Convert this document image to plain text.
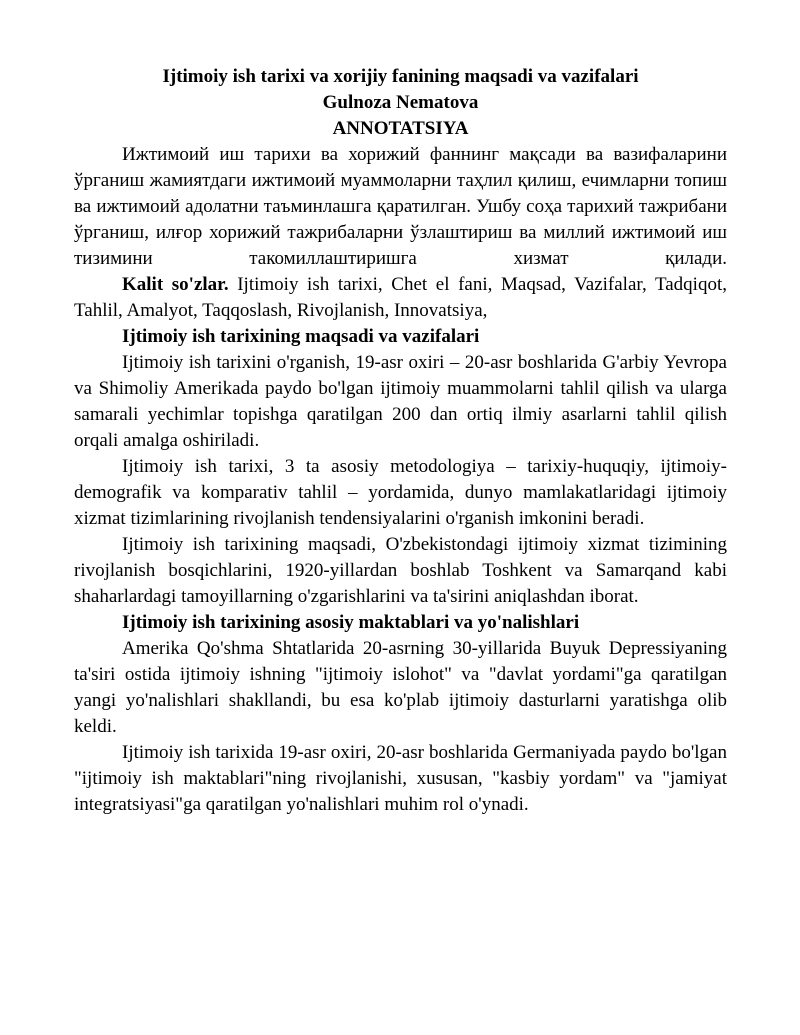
Ijtimoiy ish tarixi va xorijiy fanining maqsadi va vazifalari

Gulnoza Nematova

ANNOTATSIYA

Ижтимоий иш тарихи ва хорижий фаннинг мақсади ва вазифаларини ўрганиш жамиятдаги ижтимоий муаммоларни таҳлил қилиш, ечимларни топиш ва ижтимоий адолатни таъминлашга қаратилган. Ушбу соҳа тарихий тажрибани ўрганиш, илғор хорижий тажрибаларни ўзлаштириш ва миллий ижтимоий иш тизимини такомиллаштиришга хизмат қилади.

Kalit so'zlar. Ijtimoiy ish tarixi, Chet el fani, Maqsad, Vazifalar, Tadqiqot, Tahlil, Amalyot, Taqqoslash, Rivojlanish, Innovatsiya,

Ijtimoiy ish tarixining maqsadi va vazifalari

Ijtimoiy ish tarixini o'rganish, 19-asr oxiri – 20-asr boshlarida G'arbiy Yevropa va Shimoliy Amerikada paydo bo'lgan ijtimoiy muammolarni tahlil qilish va ularga samarali yechimlar topishga qaratilgan 200 dan ortiq ilmiy asarlarni tahlil qilish orqali amalga oshiriladi.

Ijtimoiy ish tarixi, 3 ta asosiy metodologiya – tarixiy-huquqiy, ijtimoiy-demografik va komparativ tahlil – yordamida, dunyo mamlakatlaridagi ijtimoiy xizmat tizimlarining rivojlanish tendensiyalarini o'rganish imkonini beradi.

Ijtimoiy ish tarixining maqsadi, O'zbekistondagi ijtimoiy xizmat tizimining rivojlanish bosqichlarini, 1920-yillardan boshlab Toshkent va Samarqand kabi shaharlardagi tamoyillarning o'zgarishlarini va ta'sirini aniqlashdan iborat.

Ijtimoiy ish tarixining asosiy maktablari va yo'nalishlari

Amerika Qo'shma Shtatlarida 20-asrning 30-yillarida Buyuk Depressiyaning ta'siri ostida ijtimoiy ishning "ijtimoiy islohot" va "davlat yordami"ga qaratilgan yangi yo'nalishlari shakllandi, bu esa ko'plab ijtimoiy dasturlarni yaratishga olib keldi.

Ijtimoiy ish tarixida 19-asr oxiri, 20-asr boshlarida Germaniyada paydo bo'lgan "ijtimoiy ish maktablari"ning rivojlanishi, xususan, "kasbiy yordam" va "jamiyat integratsiyasi"ga qaratilgan yo'nalishlari muhim rol o'ynadi.
